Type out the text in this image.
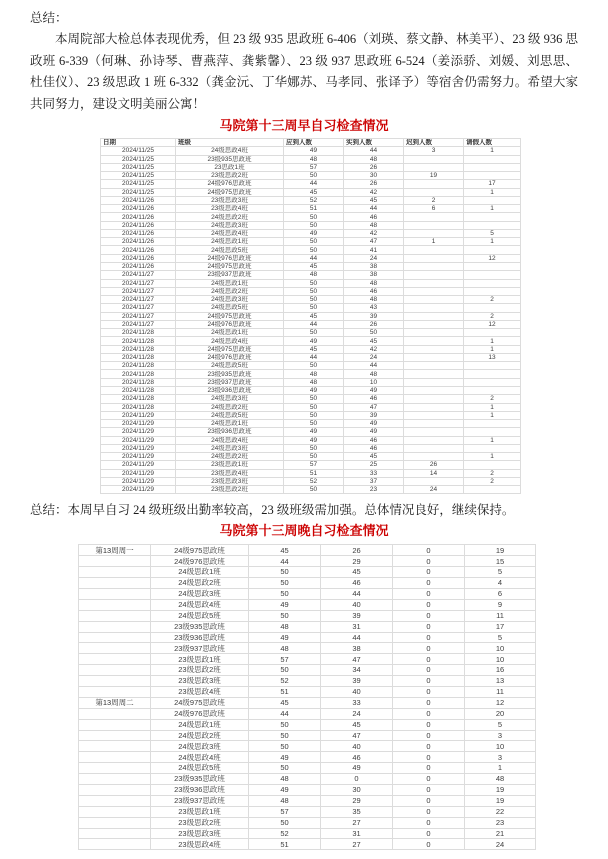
总结：
本周院部大检总体表现优秀，但 23 级 935 思政班 6-406（刘瑛、蔡文静、林美平）、23 级 936 思政班 6-339（何琳、孙诗琴、曹燕萍、龚紫馨）、23 级 937 思政班 6-524（姜添骄、刘媛、刘思思、杜佳仪）、23 级思政 1 班 6-332（龚金沅、丁华娜苏、马孝同、张译予）等宿舍仍需努力。希望大家共同努力，建设文明美丽公寓！
马院第十三周早自习检查情况
日期	班级	应到人数	实到人数	迟到人数	请假人数
2024/11/25	24级思政4班	49	44	3	1
2024/11/25	23级935思政班	48	48		
2024/11/25	23思政1班	57	26		
2024/11/25	23级思政2班	50	30	19	
2024/11/25	24级976思政班	44	26		17
2024/11/25	24级975思政班	45	42		1
2024/11/26	23级思政3班	52	45	2	
2024/11/26	23级思政4班	51	44	6	1
2024/11/26	24级思政2班	50	46		
2024/11/26	24级思政3班	50	48		
2024/11/26	24级思政4班	49	42		5
2024/11/26	24级思政1班	50	47	1	1
2024/11/26	24级思政5班	50	41		
2024/11/26	24级976思政班	44	24		12
2024/11/26	24级975思政班	45	38		
2024/11/27	23级937思政班	48	38		
2024/11/27	24级思政1班	50	48		
2024/11/27	24级思政2班	50	46		
2024/11/27	24级思政3班	50	48		2
2024/11/27	24级思政5班	50	43		
2024/11/27	24级975思政班	45	39		2
2024/11/27	24级976思政班	44	26		12
2024/11/28	24级思政1班	50	50		
2024/11/28	24级思政4班	49	45		1
2024/11/28	24级975思政班	45	42		1
2024/11/28	24级976思政班	44	24		13
2024/11/28	24级思政5班	50	44		
2024/11/28	23级935思政班	48	48		
2024/11/28	23级937思政班	48	10		
2024/11/28	23级936思政班	49	49		
2024/11/28	24级思政3班	50	46		2
2024/11/28	24级思政2班	50	47		1
2024/11/29	24级思政5班	50	39		1
2024/11/29	24级思政1班	50	49		
2024/11/29	23级936思政班	49	49		
2024/11/29	24级思政4班	49	46		1
2024/11/29	24级思政3班	50	46		
2024/11/29	24级思政2班	50	45		1
2024/11/29	23级思政1班	57	25	26	
2024/11/29	23级思政4班	51	33	14	2
2024/11/29	23级思政3班	52	37		2
2024/11/29	23级思政2班	50	23	24	
总结：本周早自习 24 级班级出勤率较高，23 级班级需加强。总体情况良好，继续保持。
马院第十三周晚自习检查情况
第13周周一	24级975思政班	45	26	0	19
	24级976思政班	44	29	0	15
	24级思政1班	50	45	0	5
	24级思政2班	50	46	0	4
	24级思政3班	50	44	0	6
	24级思政4班	49	40	0	9
	24级思政5班	50	39	0	11
	23级935思政班	48	31	0	17
	23级936思政班	49	44	0	5
	23级937思政班	48	38	0	10
	23级思政1班	57	47	0	10
	23级思政2班	50	34	0	16
	23级思政3班	52	39	0	13
	23级思政4班	51	40	0	11
第13周周二	24级975思政班	45	33	0	12
	24级976思政班	44	24	0	20
	24级思政1班	50	45	0	5
	24级思政2班	50	47	0	3
	24级思政3班	50	40	0	10
	24级思政4班	49	46	0	3
	24级思政5班	50	49	0	1
	23级935思政班	48	0	0	48
	23级936思政班	49	30	0	19
	23级937思政班	48	29	0	19
	23级思政1班	57	35	0	22
	23级思政2班	50	27	0	23
	23级思政3班	52	31	0	21
	23级思政4班	51	27	0	24
